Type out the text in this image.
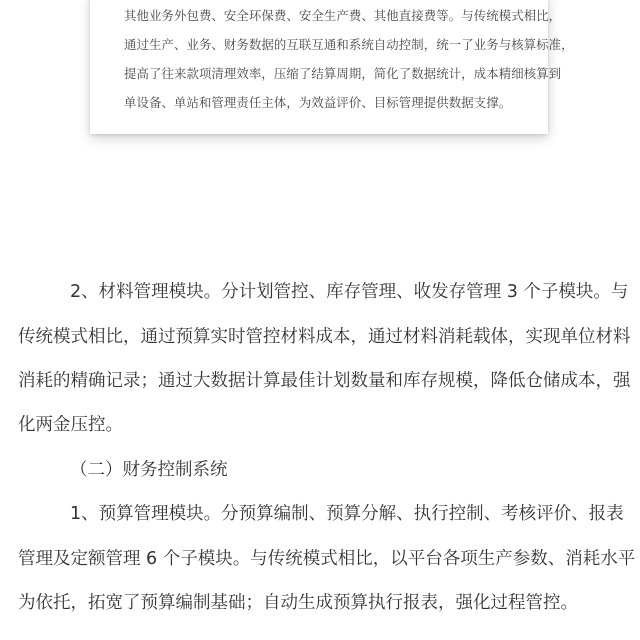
其他业务外包费、安全环保费、安全生产费、其他直接费等。与传统模式相比，
通过生产、业务、财务数据的互联互通和系统自动控制，统一了业务与核算标准，
提高了往来款项清理效率，压缩了结算周期，简化了数据统计，成本精细核算到
单设备、单站和管理责任主体，为效益评价、目标管理提供数据支撑。
2、材料管理模块。分计划管控、库存管理、收发存管理 3 个子模块。与
传统模式相比，通过预算实时管控材料成本，通过材料消耗载体，实现单位材料
消耗的精确记录；通过大数据计算最佳计划数量和库存规模，降低仓储成本，强
化两金压控。
（二）财务控制系统
1、预算管理模块。分预算编制、预算分解、执行控制、考核评价、报表
管理及定额管理 6 个子模块。与传统模式相比，以平台各项生产参数、消耗水平
为依托，拓宽了预算编制基础；自动生成预算执行报表，强化过程管控。
